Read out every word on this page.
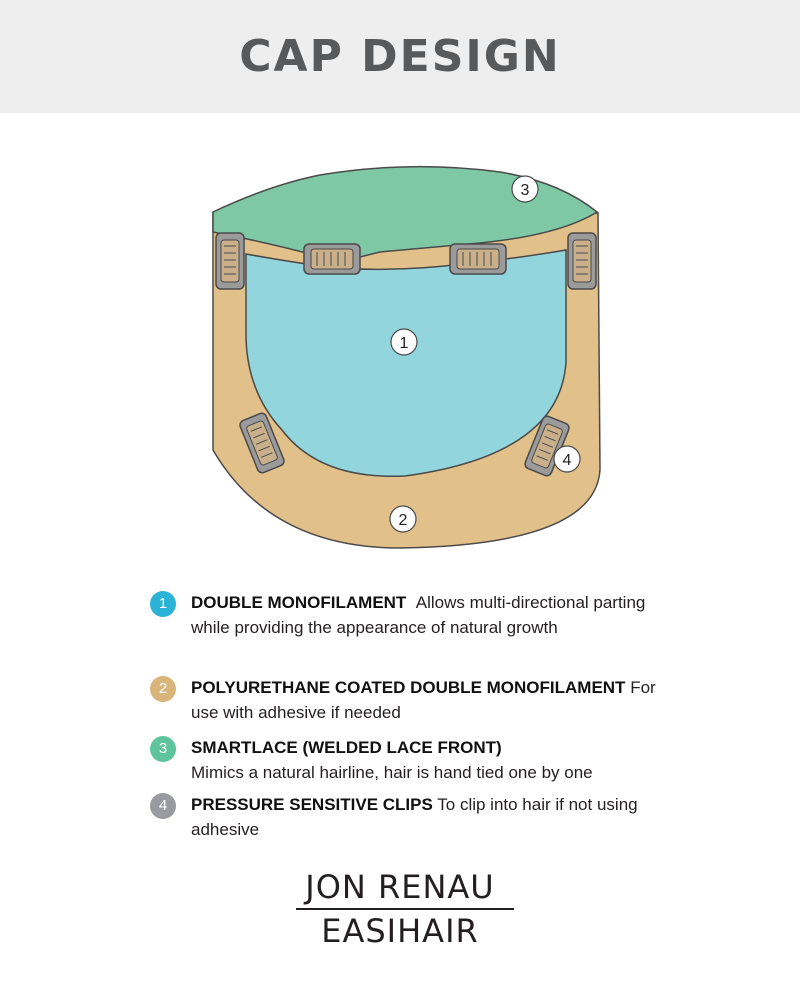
CAP DESIGN
1
2
3
4
1	DOUBLE MONOFILAMENT Allows multi-directional parting while providing the appearance of natural growth
2	POLYURETHANE COATED DOUBLE MONOFILAMENT For use with adhesive if needed
3	SMARTLACE (WELDED LACE FRONT)
Mimics a natural hairline, hair is hand tied one by one
4	PRESSURE SENSITIVE CLIPS To clip into hair if not using adhesive
JON RENAU
EASIHAIR
